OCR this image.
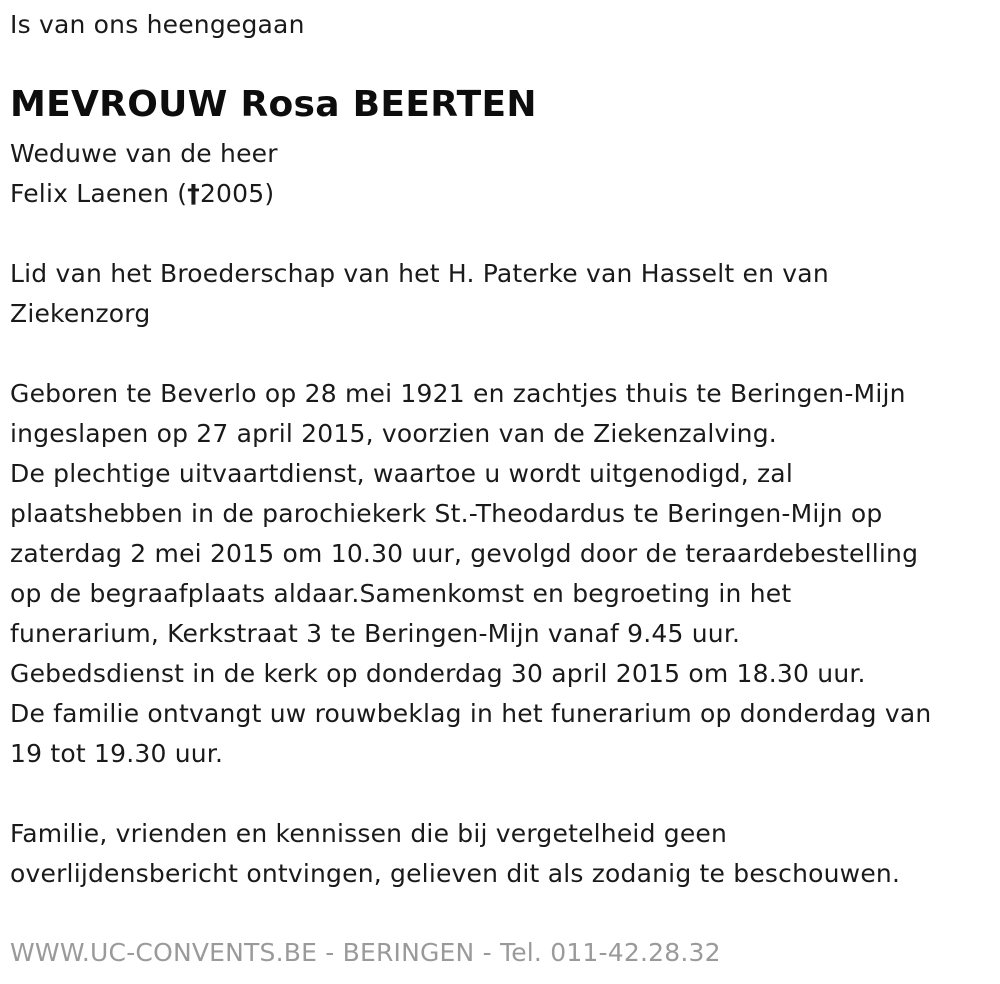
Is van ons heengegaan
MEVROUW Rosa BEERTEN
Weduwe van de heer
Felix Laenen (†2005)
Lid van het Broederschap van het H. Paterke van Hasselt en van
Ziekenzorg
Geboren te Beverlo op 28 mei 1921 en zachtjes thuis te Beringen-Mijn
ingeslapen op 27 april 2015, voorzien van de Ziekenzalving.
De plechtige uitvaartdienst, waartoe u wordt uitgenodigd, zal
plaatshebben in de parochiekerk St.-Theodardus te Beringen-Mijn op
zaterdag 2 mei 2015 om 10.30 uur, gevolgd door de teraardebestelling
op de begraafplaats aldaar.Samenkomst en begroeting in het
funerarium, Kerkstraat 3 te Beringen-Mijn vanaf 9.45 uur.
Gebedsdienst in de kerk op donderdag 30 april 2015 om 18.30 uur.
De familie ontvangt uw rouwbeklag in het funerarium op donderdag van
19 tot 19.30 uur.
Familie, vrienden en kennissen die bij vergetelheid geen
overlijdensbericht ontvingen, gelieven dit als zodanig te beschouwen.
WWW.UC-CONVENTS.BE - BERINGEN - Tel. 011-42.28.32
